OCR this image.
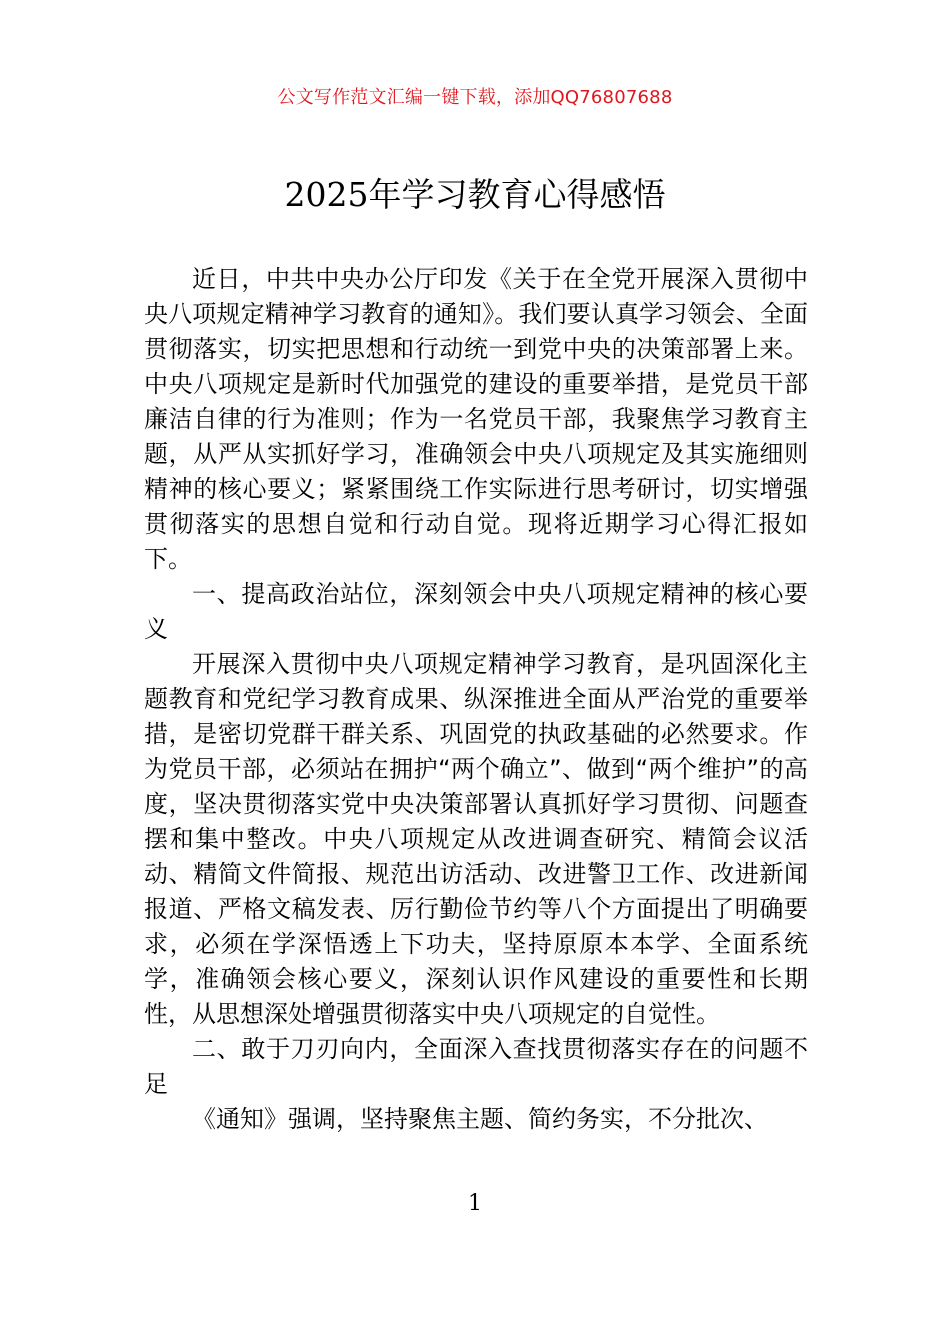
公文写作范文汇编一键下载，添加QQ76807688
2025年学习教育心得感悟

近日，中共中央办公厅印发《关于在全党开展深入贯彻中央八项规定精神学习教育的通知》。我们要认真学习领会、全面贯彻落实，切实把思想和行动统一到党中央的决策部署上来。中央八项规定是新时代加强党的建设的重要举措，是党员干部廉洁自律的行为准则；作为一名党员干部，我聚焦学习教育主题，从严从实抓好学习，准确领会中央八项规定及其实施细则精神的核心要义；紧紧围绕工作实际进行思考研讨，切实增强贯彻落实的思想自觉和行动自觉。现将近期学习心得汇报如下。

一、提高政治站位，深刻领会中央八项规定精神的核心要义

开展深入贯彻中央八项规定精神学习教育，是巩固深化主题教育和党纪学习教育成果、纵深推进全面从严治党的重要举措，是密切党群干群关系、巩固党的执政基础的必然要求。作为党员干部，必须站在拥护“两个确立”、做到“两个维护”的高度，坚决贯彻落实党中央决策部署认真抓好学习贯彻、问题查摆和集中整改。中央八项规定从改进调查研究、精简会议活动、精简文件简报、规范出访活动、改进警卫工作、改进新闻报道、严格文稿发表、厉行勤俭节约等八个方面提出了明确要求，必须在学深悟透上下功夫，坚持原原本本学、全面系统学，准确领会核心要义，深刻认识作风建设的重要性和长期性，从思想深处增强贯彻落实中央八项规定的自觉性。

二、敢于刀刃向内，全面深入查找贯彻落实存在的问题不足

《通知》强调，坚持聚焦主题、简约务实，不分批次、

1
